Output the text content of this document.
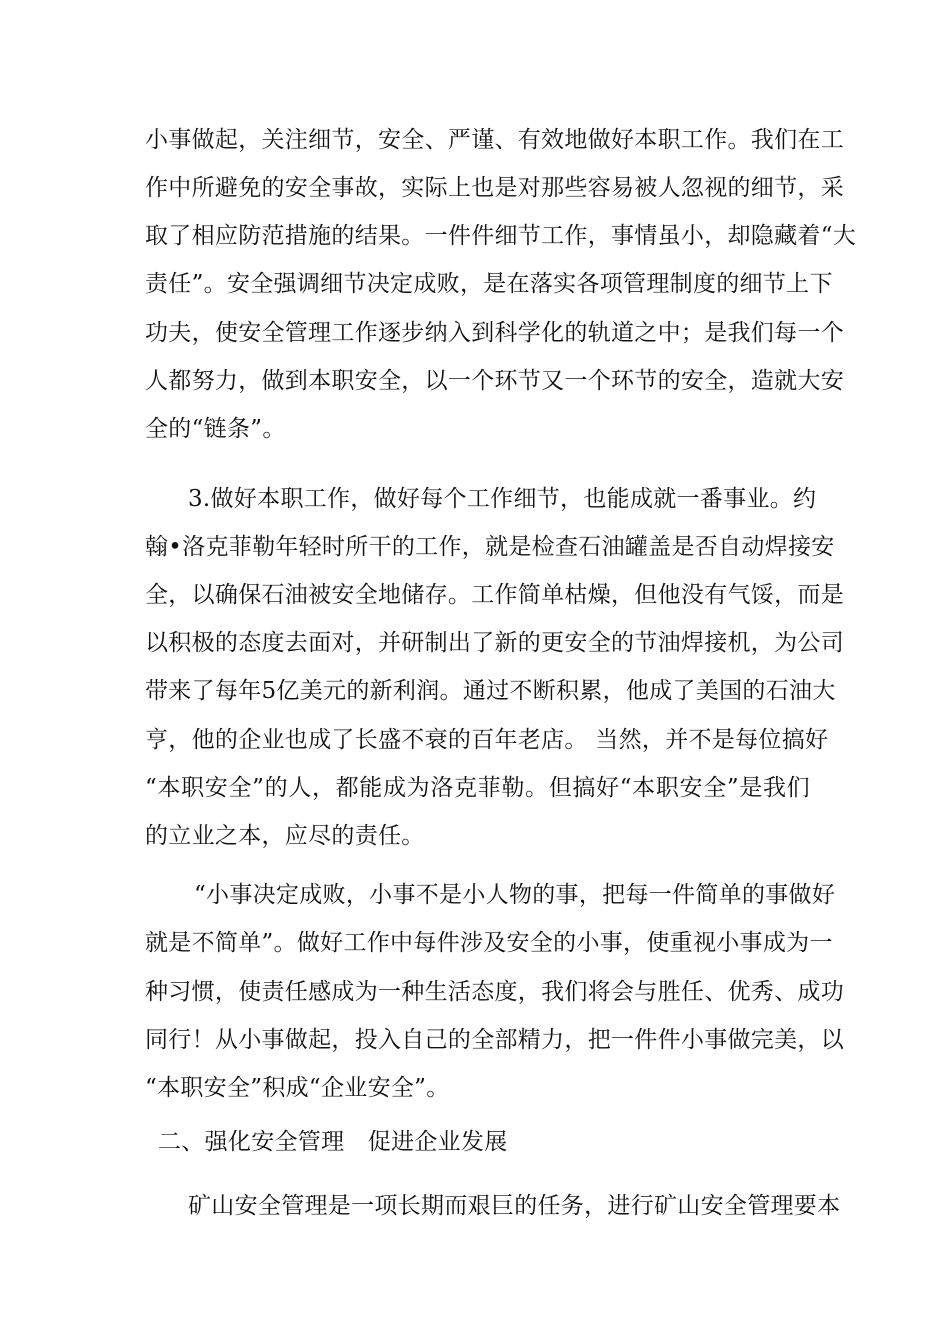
小事做起，关注细节，安全、严谨、有效地做好本职工作。我们在工
作中所避免的安全事故，实际上也是对那些容易被人忽视的细节，采
取了相应防范措施的结果。一件件细节工作，事情虽小，却隐藏着“大
责任”。安全强调细节决定成败，是在落实各项管理制度的细节上下
功夫，使安全管理工作逐步纳入到科学化的轨道之中；是我们每一个
人都努力，做到本职安全，以一个环节又一个环节的安全，造就大安
全的“链条”。
3.做好本职工作，做好每个工作细节，也能成就一番事业。约
翰•洛克菲勒年轻时所干的工作，就是检查石油罐盖是否自动焊接安
全，以确保石油被安全地储存。工作简单枯燥，但他没有气馁，而是
以积极的态度去面对，并研制出了新的更安全的节油焊接机，为公司
带来了每年5亿美元的新利润。通过不断积累，他成了美国的石油大
亨，他的企业也成了长盛不衰的百年老店。 当然，并不是每位搞好
“本职安全”的人，都能成为洛克菲勒。但搞好“本职安全”是我们
的立业之本，应尽的责任。
“小事决定成败，小事不是小人物的事，把每一件简单的事做好
就是不简单”。做好工作中每件涉及安全的小事，使重视小事成为一
种习惯，使责任感成为一种生活态度，我们将会与胜任、优秀、成功
同行！从小事做起，投入自己的全部精力，把一件件小事做完美，以
“本职安全”积成“企业安全”。
二、强化安全管理　促进企业发展
矿山安全管理是一项长期而艰巨的任务，进行矿山安全管理要本
